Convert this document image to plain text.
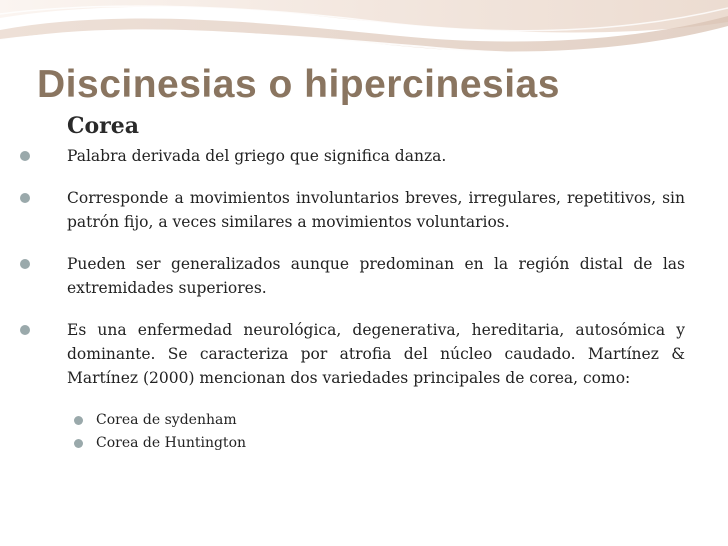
Discinesias o hipercinesias
Corea

Palabra derivada del griego que significa danza.

Corresponde a movimientos involuntarios breves, irregulares, repetitivos, sin patrón fijo, a veces similares a movimientos voluntarios.

Pueden ser generalizados aunque predominan en la región distal de las extremidades superiores.

Es una enfermedad neurológica, degenerativa, hereditaria, autosómica y dominante. Se caracteriza por atrofia del núcleo caudado. Martínez & Martínez (2000) mencionan dos variedades principales de corea, como:

Corea de sydenham

Corea de Huntington
